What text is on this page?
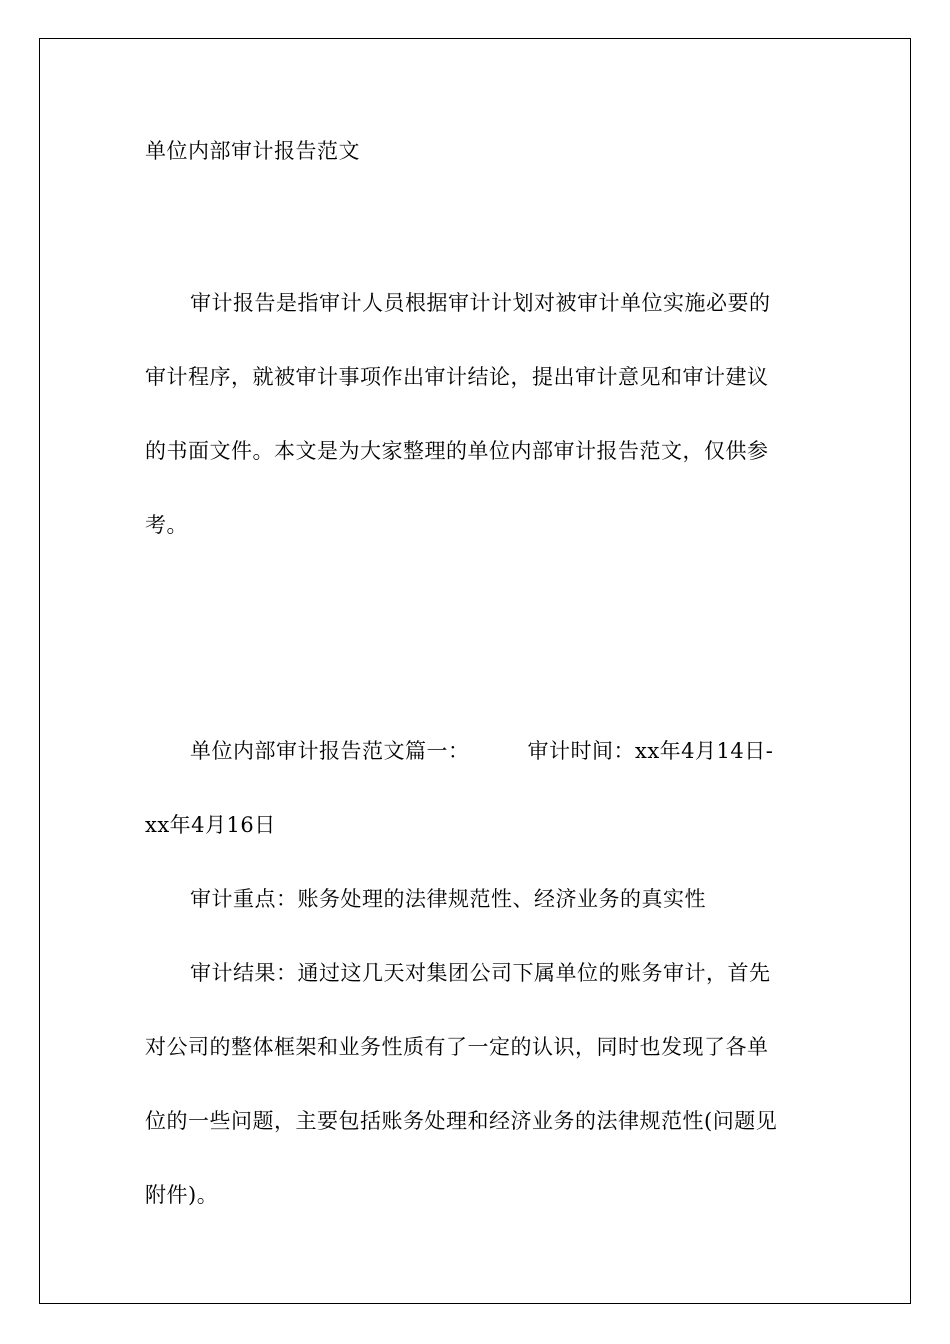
单位内部审计报告范文
审计报告是指审计人员根据审计计划对被审计单位实施必要的
审计程序，就被审计事项作出审计结论，提出审计意见和审计建议
的书面文件。本文是为大家整理的单位内部审计报告范文，仅供参
考。
单位内部审计报告范文篇一：	审计时间：xx年4月14日-
xx年4月16日
审计重点：账务处理的法律规范性、经济业务的真实性
审计结果：通过这几天对集团公司下属单位的账务审计，首先
对公司的整体框架和业务性质有了一定的认识，同时也发现了各单
位的一些问题，主要包括账务处理和经济业务的法律规范性(问题见
附件)。
